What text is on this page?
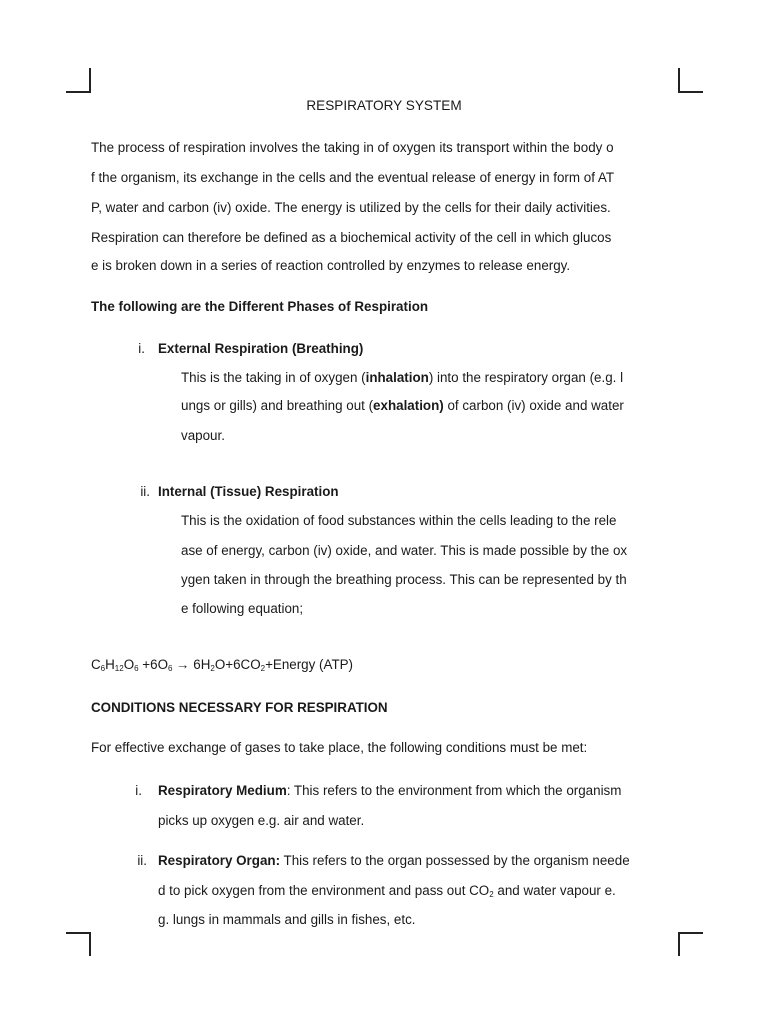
RESPIRATORY SYSTEM
The process of respiration involves the taking in of oxygen its transport within the body o
f the organism, its exchange in the cells and the eventual release of energy in form of AT
P, water and carbon (iv) oxide. The energy is utilized by the cells for their daily activities.
Respiration can therefore be defined as a biochemical activity of the cell in which glucos
e is broken down in a series of reaction controlled by enzymes to release energy.
The following are the Different Phases of Respiration
i. External Respiration (Breathing)
This is the taking in of oxygen (inhalation) into the respiratory organ (e.g. l
ungs or gills) and breathing out (exhalation) of carbon (iv) oxide and water
vapour.
ii. Internal (Tissue) Respiration
This is the oxidation of food substances within the cells leading to the rele
ase of energy, carbon (iv) oxide, and water. This is made possible by the ox
ygen taken in through the breathing process. This can be represented by th
e following equation;
$C_6H_{12}O_6 +6O_6$ → $6H_2O+6CO_2+Energy$ (ATP)
CONDITIONS NECESSARY FOR RESPIRATION
For effective exchange of gases to take place, the following conditions must be met:
i. Respiratory Medium: This refers to the environment from which the organism
picks up oxygen e.g. air and water.
ii. Respiratory Organ: This refers to the organ possessed by the organism neede
d to pick oxygen from the environment and pass out $CO_2$ and water vapour e.
g. lungs in mammals and gills in fishes, etc.
